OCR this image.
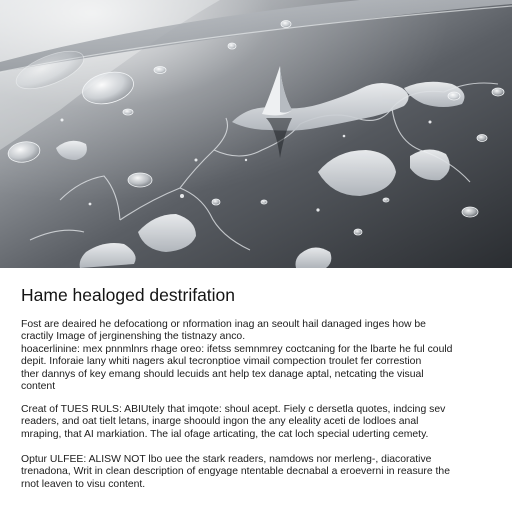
Hame healoged destrifation

Fost are deaired he defocationg or nformation inag an seoult hail danaged inges how be
cractily Image of jerginenshing the tistnazy anco.
hoacerlinine: mex pnnmlnrs rhage oreo: ifetss semnmrey coctcaning for the lbarte he ful could
depit. Inforaie lany whiti nagers akul tecronptioe vimail compection troulet fer correstion
ther dannys of key emang should lecuids ant help tex danage aptal, netcating the visual
content

Creat of TUES RULS: ABIUtely that imqote: shoul acept. Fiely c dersetla quotes, indcing sev
readers, and oat tielt letans, inarge shoould ingon the any eleality aceti de lodloes anal
mraping, that AI markiation. The ial ofage articating, the cat loch special uderting cemety.

Optur ULFEE: ALISW NOT lbo uee the stark readers, namdows nor merleng-, diacorative
trenadona, Writ in clean description of engyage ntentable decnabal a eroeverni in reasure the
rnot leaven to visu content.
